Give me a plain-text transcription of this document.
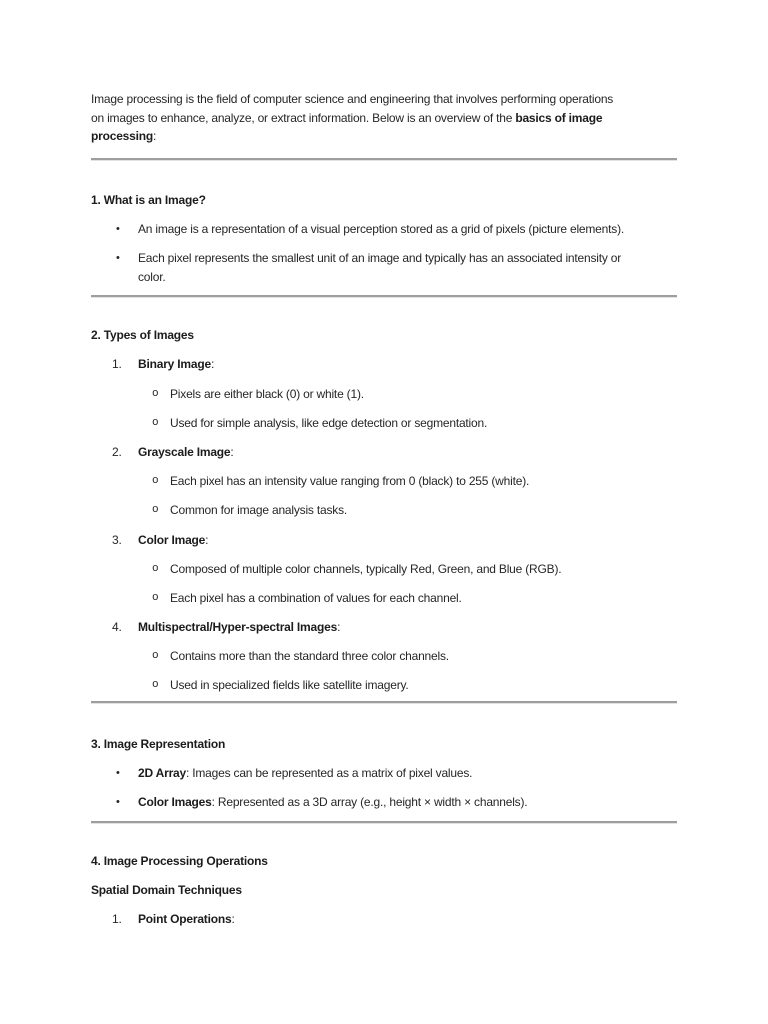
Image processing is the field of computer science and engineering that involves performing operations
on images to enhance, analyze, or extract information. Below is an overview of the basics of image
processing:

1. What is an Image?
• An image is a representation of a visual perception stored as a grid of pixels (picture elements).
• Each pixel represents the smallest unit of an image and typically has an associated intensity or
color.
2. Types of Images
1. Binary Image:
o Pixels are either black (0) or white (1).
o Used for simple analysis, like edge detection or segmentation.
2. Grayscale Image:
o Each pixel has an intensity value ranging from 0 (black) to 255 (white).
o Common for image analysis tasks.
3. Color Image:
o Composed of multiple color channels, typically Red, Green, and Blue (RGB).
o Each pixel has a combination of values for each channel.
4. Multispectral/Hyper-spectral Images:
o Contains more than the standard three color channels.
o Used in specialized fields like satellite imagery.
3. Image Representation
• 2D Array: Images can be represented as a matrix of pixel values.
• Color Images: Represented as a 3D array (e.g., height × width × channels).
4. Image Processing Operations
Spatial Domain Techniques
1. Point Operations:
